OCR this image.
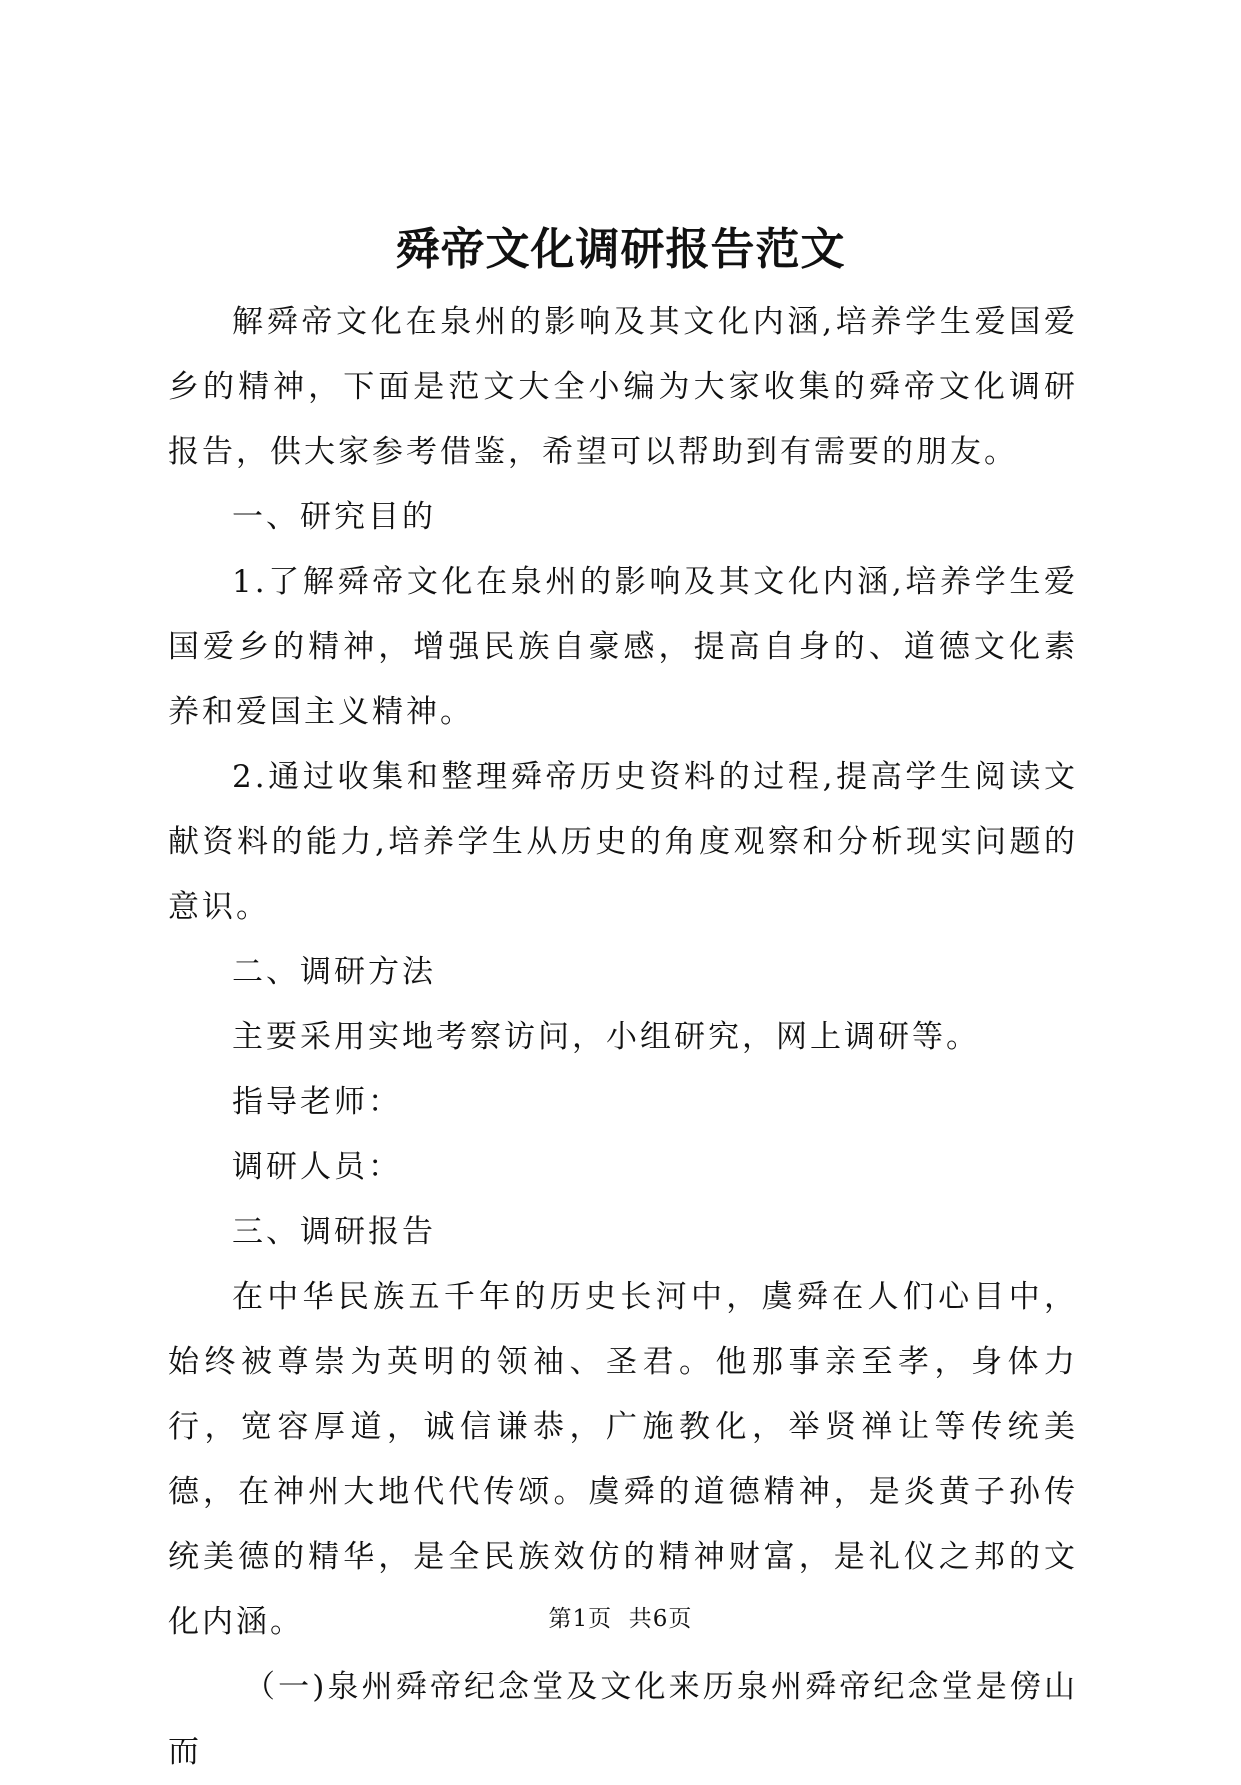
舜帝文化调研报告范文

解舜帝文化在泉州的影响及其文化内涵,培养学生爱国爱乡的精神，下面是范文大全小编为大家收集的舜帝文化调研报告，供大家参考借鉴，希望可以帮助到有需要的朋友。

一、研究目的

1.了解舜帝文化在泉州的影响及其文化内涵,培养学生爱国爱乡的精神，增强民族自豪感，提高自身的、道德文化素养和爱国主义精神。

2.通过收集和整理舜帝历史资料的过程,提高学生阅读文献资料的能力,培养学生从历史的角度观察和分析现实问题的意识。

二、调研方法

主要采用实地考察访问，小组研究，网上调研等。

指导老师：

调研人员：

三、调研报告

在中华民族五千年的历史长河中，虞舜在人们心目中，始终被尊崇为英明的领袖、圣君。他那事亲至孝，身体力行，宽容厚道，诚信谦恭，广施教化，举贤禅让等传统美德，在神州大地代代传颂。虞舜的道德精神，是炎黄子孙传统美德的精华，是全民族效仿的精神财富，是礼仪之邦的文化内涵。

（一)泉州舜帝纪念堂及文化来历泉州舜帝纪念堂是傍山而

第1页  共6页
